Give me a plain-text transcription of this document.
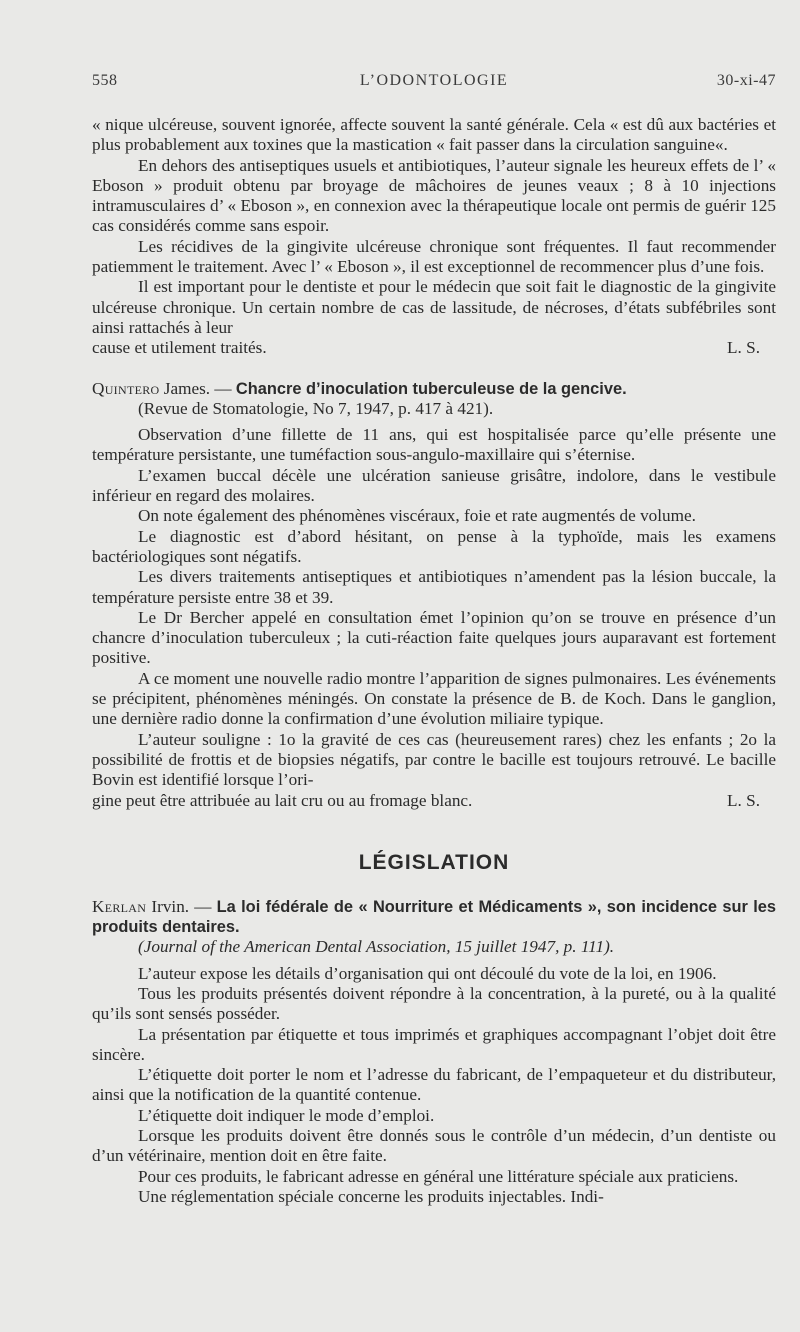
558	L’ODONTOLOGIE	30-xi-47

« nique ulcéreuse, souvent ignorée, affecte souvent la santé générale. Cela « est dû aux bactéries et plus probablement aux toxines que la mastication « fait passer dans la circulation sanguine«.

En dehors des antiseptiques usuels et antibiotiques, l’auteur signale les heureux effets de l’ « Eboson » produit obtenu par broyage de mâchoires de jeunes veaux ; 8 à 10 injections intramusculaires d’ « Eboson », en connexion avec la thérapeutique locale ont permis de guérir 125 cas considérés comme sans espoir.

Les récidives de la gingivite ulcéreuse chronique sont fréquentes. Il faut recommender patiemment le traitement. Avec l’ « Eboson », il est exceptionnel de recommencer plus d’une fois.

Il est important pour le dentiste et pour le médecin que soit fait le diagnostic de la gingivite ulcéreuse chronique. Un certain nombre de cas de lassitude, de nécroses, d’états subfébriles sont ainsi rattachés à leur

cause et utilement traités.	L. S.

Quintero James. — Chancre d’inoculation tuberculeuse de la gencive.
(Revue de Stomatologie, No 7, 1947, p. 417 à 421).

Observation d’une fillette de 11 ans, qui est hospitalisée parce qu’elle présente une température persistante, une tuméfaction sous-angulo-maxillaire qui s’éternise.

L’examen buccal décèle une ulcération sanieuse grisâtre, indolore, dans le vestibule inférieur en regard des molaires.

On note également des phénomènes viscéraux, foie et rate augmentés de volume.

Le diagnostic est d’abord hésitant, on pense à la typhoïde, mais les examens bactériologiques sont négatifs.

Les divers traitements antiseptiques et antibiotiques n’amendent pas la lésion buccale, la température persiste entre 38 et 39.

Le Dr Bercher appelé en consultation émet l’opinion qu’on se trouve en présence d’un chancre d’inoculation tuberculeux ; la cuti-réaction faite quelques jours auparavant est fortement positive.

A ce moment une nouvelle radio montre l’apparition de signes pulmonaires. Les événements se précipitent, phénomènes méningés. On constate la présence de B. de Koch. Dans le ganglion, une dernière radio donne la confirmation d’une évolution miliaire typique.

L’auteur souligne : 1o la gravité de ces cas (heureusement rares) chez les enfants ; 2o la possibilité de frottis et de biopsies négatifs, par contre le bacille est toujours retrouvé. Le bacille Bovin est identifié lorsque l’ori-

gine peut être attribuée au lait cru ou au fromage blanc.	L. S.

LÉGISLATION

Kerlan Irvin. — La loi fédérale de « Nourriture et Médicaments », son incidence sur les produits dentaires.
(Journal of the American Dental Association, 15 juillet 1947, p. 111).

L’auteur expose les détails d’organisation qui ont découlé du vote de la loi, en 1906.

Tous les produits présentés doivent répondre à la concentration, à la pureté, ou à la qualité qu’ils sont sensés posséder.

La présentation par étiquette et tous imprimés et graphiques accompagnant l’objet doit être sincère.

L’étiquette doit porter le nom et l’adresse du fabricant, de l’empaqueteur et du distributeur, ainsi que la notification de la quantité contenue.

L’étiquette doit indiquer le mode d’emploi.

Lorsque les produits doivent être donnés sous le contrôle d’un médecin, d’un dentiste ou d’un vétérinaire, mention doit en être faite.

Pour ces produits, le fabricant adresse en général une littérature spéciale aux praticiens.

Une réglementation spéciale concerne les produits injectables. Indi-
